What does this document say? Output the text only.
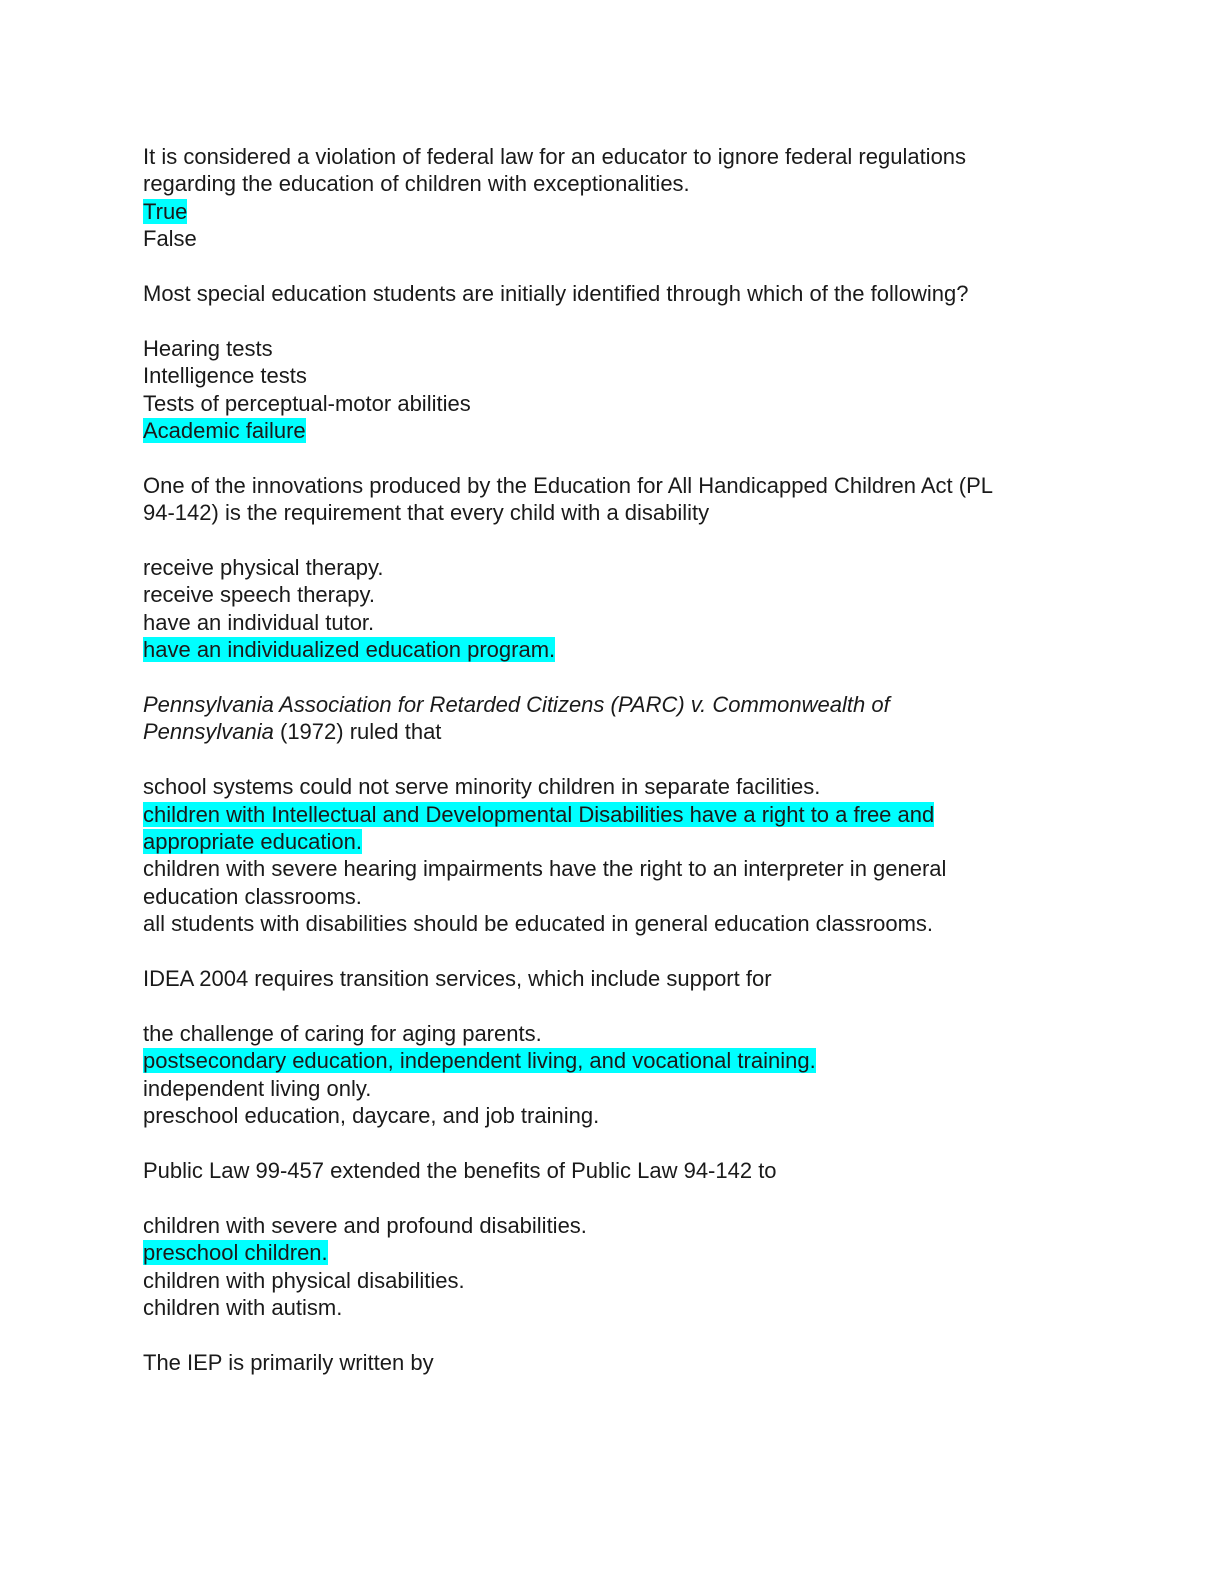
It is considered a violation of federal law for an educator to ignore federal regulations
regarding the education of children with exceptionalities.
True
False
Most special education students are initially identified through which of the following?
Hearing tests
Intelligence tests
Tests of perceptual-motor abilities
Academic failure
One of the innovations produced by the Education for All Handicapped Children Act (PL
94-142) is the requirement that every child with a disability
receive physical therapy.
receive speech therapy.
have an individual tutor.
have an individualized education program.
Pennsylvania Association for Retarded Citizens (PARC) v. Commonwealth of
Pennsylvania (1972) ruled that
school systems could not serve minority children in separate facilities.
children with Intellectual and Developmental Disabilities have a right to a free and
appropriate education.
children with severe hearing impairments have the right to an interpreter in general
education classrooms.
all students with disabilities should be educated in general education classrooms.
IDEA 2004 requires transition services, which include support for
the challenge of caring for aging parents.
postsecondary education, independent living, and vocational training.
independent living only.
preschool education, daycare, and job training.
Public Law 99-457 extended the benefits of Public Law 94-142 to
children with severe and profound disabilities.
preschool children.
children with physical disabilities.
children with autism.
The IEP is primarily written by
